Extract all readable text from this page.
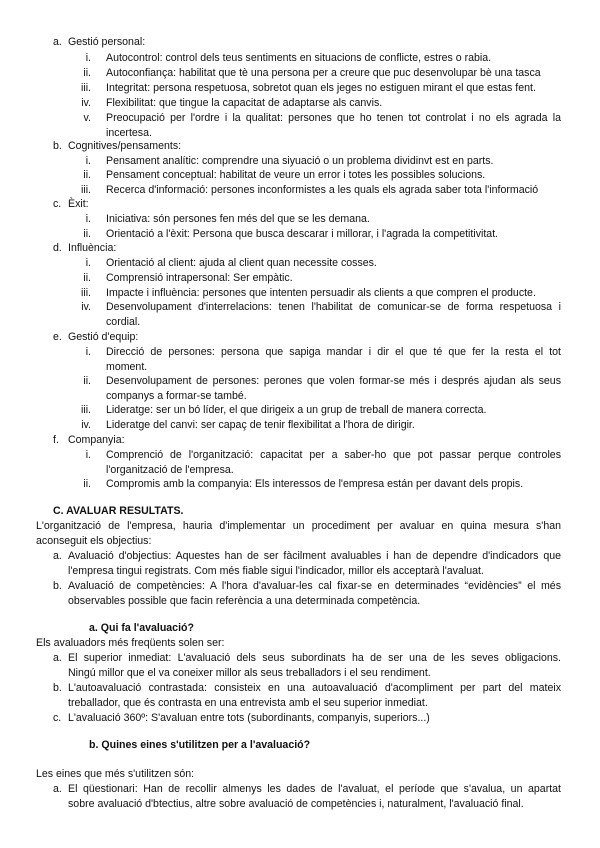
a. Gestió personal:
i. Autocontrol: control dels teus sentiments en situacions de conflicte, estres o rabia.
ii. Autoconfiança: habilitat que tè una persona per a creure que puc desenvolupar bè una tasca
iii. Integritat: persona respetuosa, sobretot quan els jeges no estiguen mirant el que estas fent.
iv. Flexibilitat: que tingue la capacitat de adaptarse als canvis.
v. Preocupació per l'ordre i la qualitat: persones que ho tenen tot controlat i no els agrada la
incertesa.
b. Cognitives/pensaments:
i. Pensament analític: comprendre una siyuació o un problema dividinvt est en parts.
ii. Pensament conceptual: habilitat de veure un error i totes les possibles solucions.
iii. Recerca d'informació: persones inconformistes a les quals els agrada saber tota l'informació
c. Èxit:
i. Iniciativa: són persones fen més del que se les demana.
ii. Orientació a l'èxit: Persona que busca descarar i millorar, i l'agrada la competitivitat.
d. Influència:
i. Orientació al client: ajuda al client quan necessite cosses.
ii. Comprensió intrapersonal: Ser empàtic.
iii. Impacte i influència: persones que intenten persuadir als clients a que compren el producte.
iv. Desenvolupament d'interrelacions: tenen l'habilitat de comunicar-se de forma respetuosa i
cordial.
e. Gestió d'equip:
i. Direcció de persones: persona que sapiga mandar i dir el que té que fer la resta el tot
moment.
ii. Desenvolupament de persones: perones que volen formar-se més i després ajudan als seus
companys a formar-se també.
iii. Lideratge: ser un bó líder, el que dirigeix a un grup de treball de manera correcta.
iv. Lideratge del canvi: ser capaç de tenir flexibilitat a l'hora de dirigir.
f. Companyia:
i. Comprenció de l'organització: capacitat per a saber-ho que pot passar perque controles
l'organització de l'empresa.
ii. Compromis amb la companyia: Els interessos de l'empresa están per davant dels propis.
C. AVALUAR RESULTATS.
L'organització de l'empresa, hauria d'implementar un procediment per avaluar en quina mesura s'han
aconseguit els objectius:
a. Avaluació d'objectius: Aquestes han de ser fàcilment avaluables i han de dependre d'indicadors que
l'empresa tingui registrats. Com més fiable sigui l'indicador, millor els acceptarà l'avaluat.
b. Avaluació de competències: A l'hora d'avaluar-les cal fixar-se en determinades “evidències” el més
observables possible que facin referència a una determinada competència.
a. Qui fa l'avaluació?
Els avaluadors més freqüents solen ser:
a. El superior inmediat: L'avaluació dels seus subordinats ha de ser una de les seves obligacions.
Ningú millor que el va coneixer millor als seus treballadors i el seu rendiment.
b. L'autoavaluació contrastada: consisteix en una autoavaluació d'acompliment per part del mateix
treballador, que és contrasta en una entrevista amb el seu superior inmediat.
c. L'avaluació 360º: S'avaluan entre tots (subordinants, companyis, superiors...)
b. Quines eines s'utilitzen per a l'avaluació?
Les eines que més s'utilitzen són:
a. El qüestionari: Han de recollir almenys les dades de l'avaluat, el període que s'avalua, un apartat
sobre avaluació d'btectius, altre sobre avaluació de competències i, naturalment, l'avaluació final.
